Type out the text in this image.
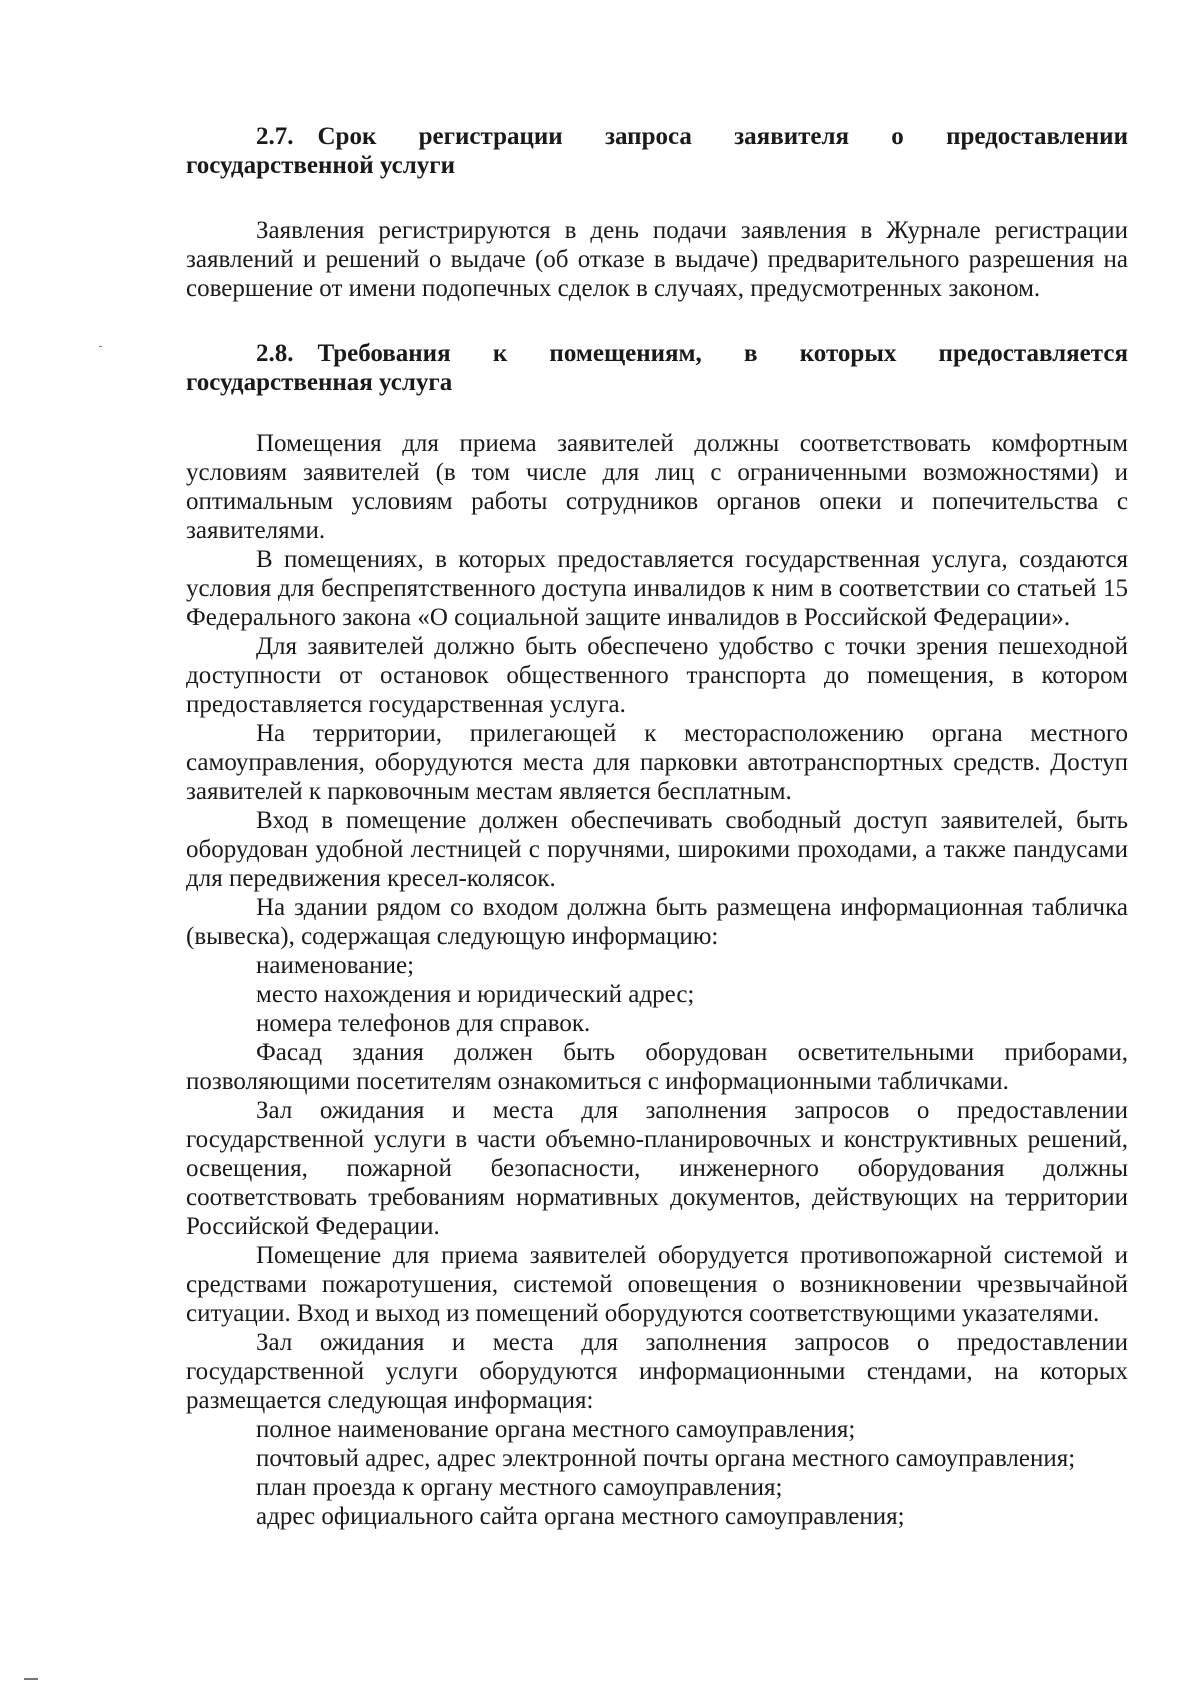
2.7. Срок регистрации запроса заявителя о предоставлении государственной услуги

Заявления регистрируются в день подачи заявления в Журнале регистрации заявлений и решений о выдаче (об отказе в выдаче) предварительного разрешения на совершение от имени подопечных сделок в случаях, предусмотренных законом.

2.8. Требования к помещениям, в которых предоставляется государственная услуга

Помещения для приема заявителей должны соответствовать комфортным условиям заявителей (в том числе для лиц с ограниченными возможностями) и оптимальным условиям работы сотрудников органов опеки и попечительства с заявителями.

В помещениях, в которых предоставляется государственная услуга, создаются условия для беспрепятственного доступа инвалидов к ним в соответствии со статьей 15 Федерального закона «О социальной защите инвалидов в Российской Федерации».

Для заявителей должно быть обеспечено удобство с точки зрения пешеходной доступности от остановок общественного транспорта до помещения, в котором предоставляется государственная услуга.

На территории, прилегающей к месторасположению органа местного самоуправления, оборудуются места для парковки автотранспортных средств. Доступ заявителей к парковочным местам является бесплатным.

Вход в помещение должен обеспечивать свободный доступ заявителей, быть оборудован удобной лестницей с поручнями, широкими проходами, а также пандусами для передвижения кресел-колясок.

На здании рядом со входом должна быть размещена информационная табличка (вывеска), содержащая следующую информацию:

наименование;

место нахождения и юридический адрес;

номера телефонов для справок.

Фасад здания должен быть оборудован осветительными приборами, позволяющими посетителям ознакомиться с информационными табличками.

Зал ожидания и места для заполнения запросов о предоставлении государственной услуги в части объемно-планировочных и конструктивных решений, освещения, пожарной безопасности, инженерного оборудования должны соответствовать требованиям нормативных документов, действующих на территории Российской Федерации.

Помещение для приема заявителей оборудуется противопожарной системой и средствами пожаротушения, системой оповещения о возникновении чрезвычайной ситуации. Вход и выход из помещений оборудуются соответствующими указателями.

Зал ожидания и места для заполнения запросов о предоставлении государственной услуги оборудуются информационными стендами, на которых размещается следующая информация:

полное наименование органа местного самоуправления;

почтовый адрес, адрес электронной почты органа местного самоуправления;

план проезда к органу местного самоуправления;

адрес официального сайта органа местного самоуправления;
